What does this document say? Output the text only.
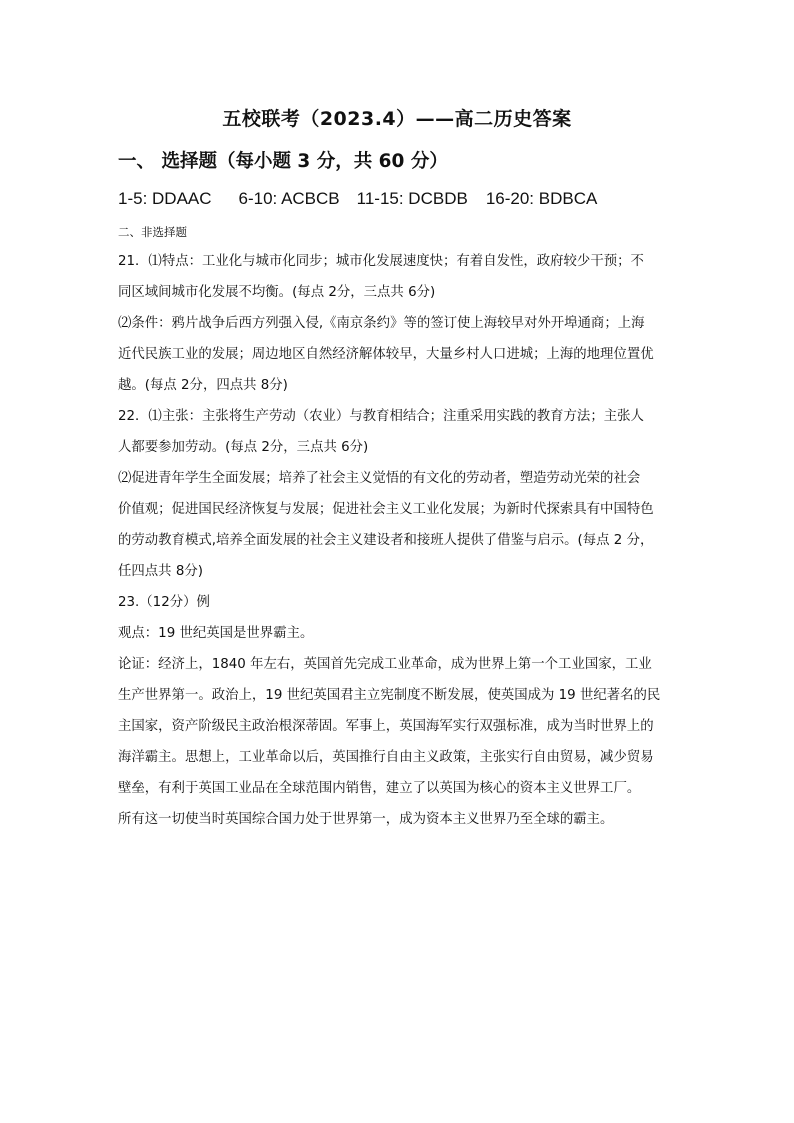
五校联考（2023.4）——高二历史答案
一、 选择题（每小题 3 分，共 60 分）
1-5: DDAAC 6-10: ACBCB 11-15: DCBDB 16-20: BDBCA
二、非选择题
21．⑴特点：工业化与城市化同步；城市化发展速度快；有着自发性，政府较少干预；不
同区域间城市化发展不均衡。(每点 2分，三点共 6分)
⑵条件：鸦片战争后西方列强入侵,《南京条约》等的签订使上海较早对外开埠通商；上海
近代民族工业的发展；周边地区自然经济解体较早，大量乡村人口进城；上海的地理位置优
越。(每点 2分，四点共 8分)
22．⑴主张：主张将生产劳动（农业）与教育相结合；注重采用实践的教育方法；主张人
人都要参加劳动。(每点 2分，三点共 6分)
⑵促进青年学生全面发展；培养了社会主义觉悟的有文化的劳动者，塑造劳动光荣的社会
价值观；促进国民经济恢复与发展；促进社会主义工业化发展；为新时代探索具有中国特色
的劳动教育模式,培养全面发展的社会主义建设者和接班人提供了借鉴与启示。(每点 2 分，
任四点共 8分)
23.（12分）例
观点：19 世纪英国是世界霸主。
论证：经济上，1840 年左右，英国首先完成工业革命，成为世界上第一个工业国家，工业
生产世界第一。政治上，19 世纪英国君主立宪制度不断发展，使英国成为 19 世纪著名的民
主国家，资产阶级民主政治根深蒂固。军事上，英国海军实行双强标准，成为当时世界上的
海洋霸主。思想上，工业革命以后，英国推行自由主义政策，主张实行自由贸易，减少贸易
壁垒，有利于英国工业品在全球范围内销售，建立了以英国为核心的资本主义世界工厂。
所有这一切使当时英国综合国力处于世界第一，成为资本主义世界乃至全球的霸主。
